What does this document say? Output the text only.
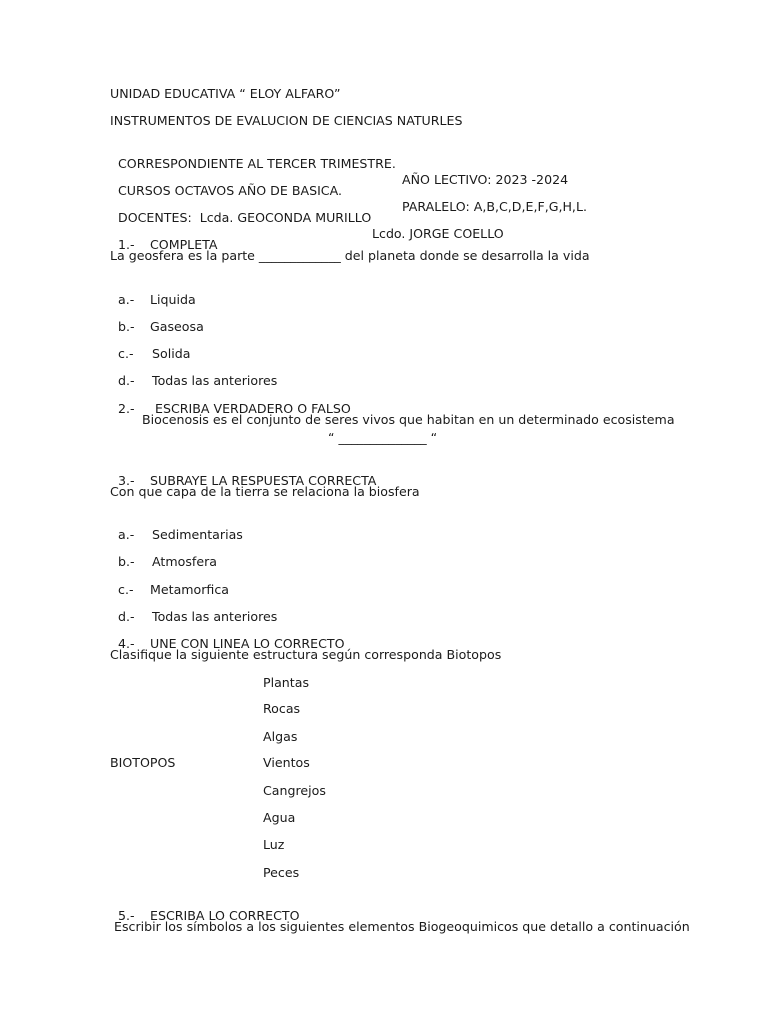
UNIDAD EDUCATIVA “ ELOY ALFARO”
INSTRUMENTOS DE EVALUCION DE CIENCIAS NATURLES

CORRESPONDIENTE AL TERCER TRIMESTRE.

AÑO LECTIVO: 2023 -2024

CURSOS OCTAVOS AÑO DE BASICA.

PARALELO: A,B,C,D,E,F,G,H,L.

DOCENTES:  Lcda. GEOCONDA MURILLO

Lcdo. JORGE COELLO

1.- COMPLETA

La geosfera es la parte _____________ del planeta donde se desarrolla la vida

a.- Liquida

b.- Gaseosa

c.- Solida

d.- Todas las anteriores

2.- ESCRIBA VERDADERO O FALSO

Biocenosis es el conjunto de seres vivos que habitan en un determinado ecosistema
“ ______________ “

3.- SUBRAYE LA RESPUESTA CORRECTA

Con que capa de la tierra se relaciona la biosfera

a.- Sedimentarias

b.- Atmosfera

c.- Metamorfica

d.- Todas las anteriores

4.- UNE CON LINEA LO CORRECTO

Clasifique la siguiente estructura según corresponda Biotopos
Plantas
Rocas
Algas
BIOTOPOS	Vientos
Cangrejos
Agua
Luz
Peces

5.- ESCRIBA LO CORRECTO

Escribir los símbolos a los siguientes elementos Biogeoquimicos que detallo a continuación
